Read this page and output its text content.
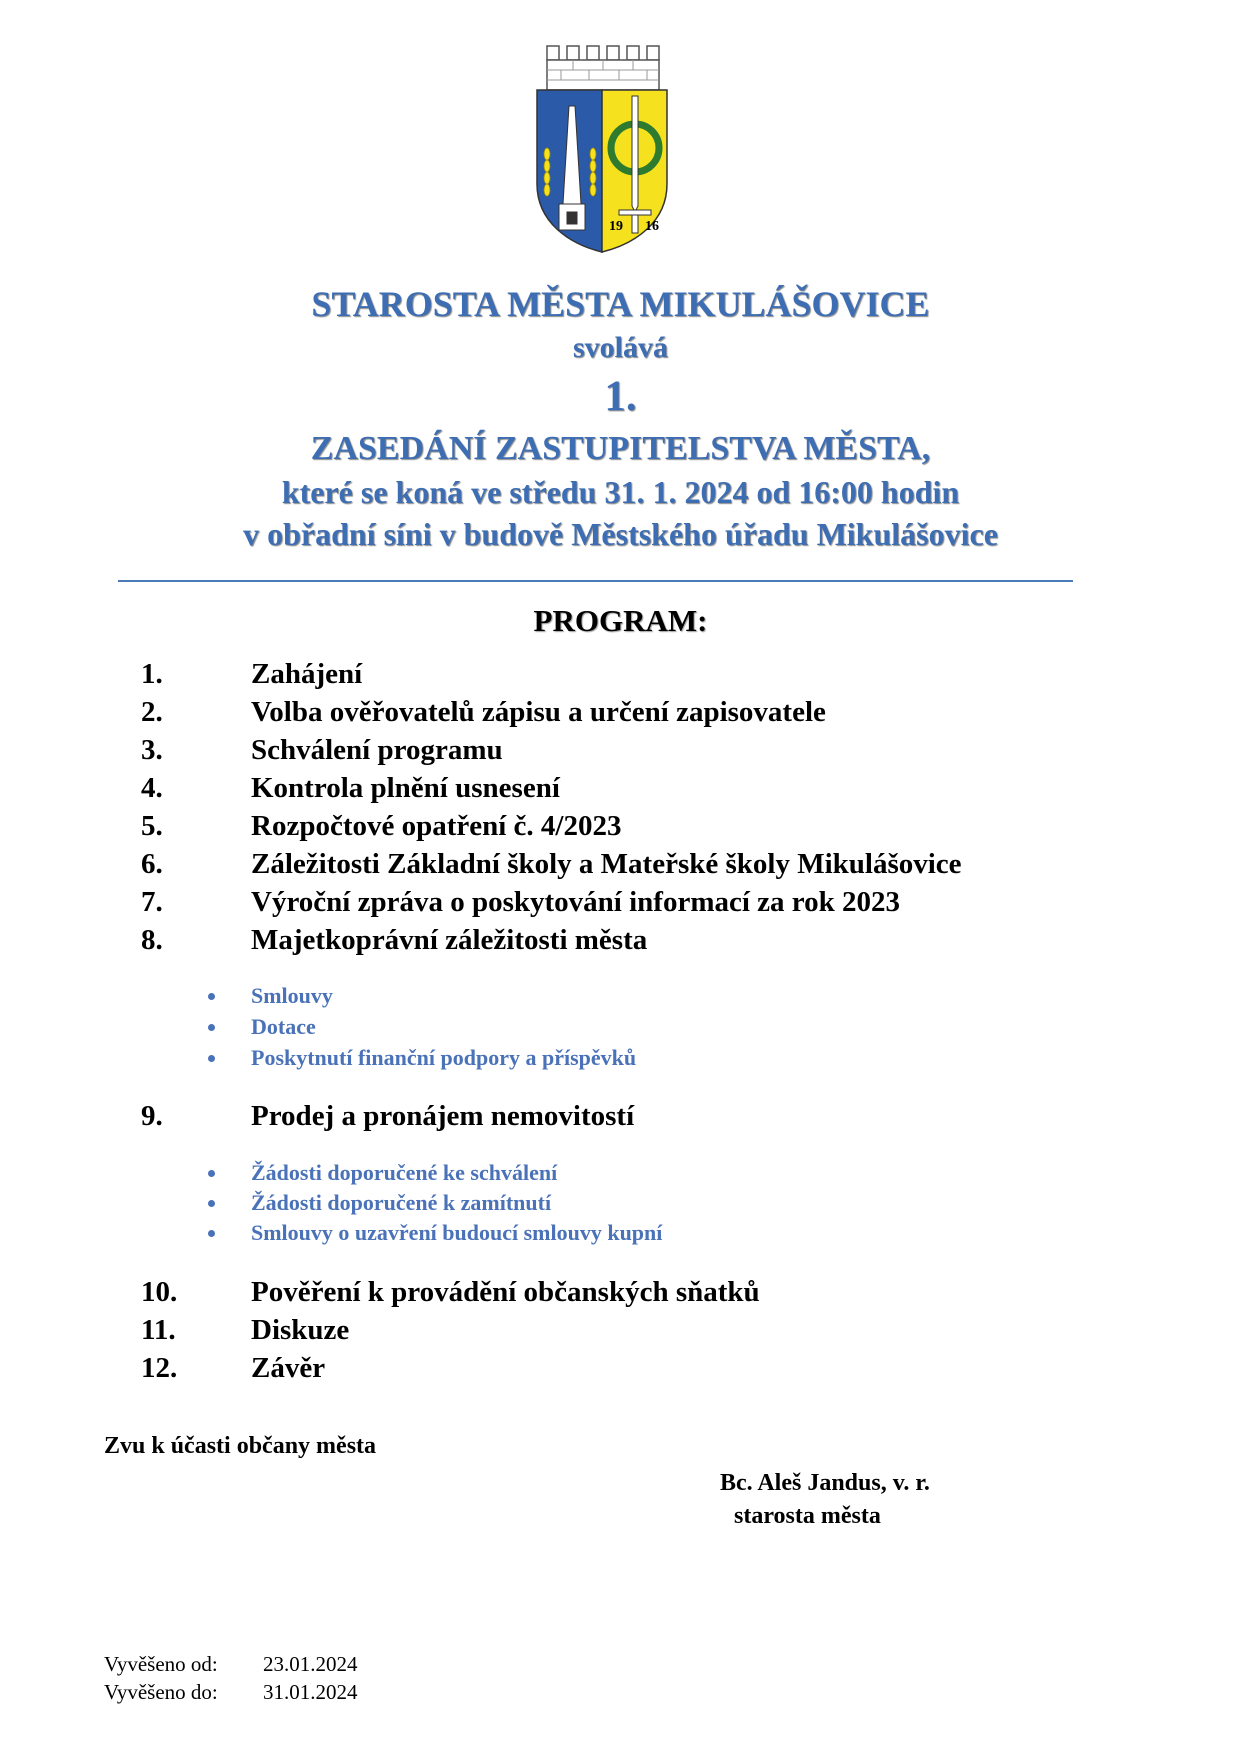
19 16
STAROSTA MĚSTA MIKULÁŠOVICE
svolává
1.
ZASEDÁNÍ ZASTUPITELSTVA MĚSTA,
které se koná ve středu 31. 1. 2024 od 16:00 hodin
v obřadní síni v budově Městského úřadu Mikulášovice
PROGRAM:
1.	Zahájení
2.	Volba ověřovatelů zápisu a určení zapisovatele
3.	Schválení programu
4.	Kontrola plnění usnesení
5.	Rozpočtové opatření č. 4/2023
6.	Záležitosti Základní školy a Mateřské školy Mikulášovice
7.	Výroční zpráva o poskytování informací za rok 2023
8.	Majetkoprávní záležitosti města
Smlouvy
Dotace
Poskytnutí finanční podpory a příspěvků
9.	Prodej a pronájem nemovitostí
Žádosti doporučené ke schválení
Žádosti doporučené k zamítnutí
Smlouvy o uzavření budoucí smlouvy kupní
10.	Pověření k provádění občanských sňatků
11.	Diskuze
12.	Závěr
Zvu k účasti občany města
Bc. Aleš Jandus, v. r.
starosta města
Vyvěšeno od: 23.01.2024
Vyvěšeno do: 31.01.2024
